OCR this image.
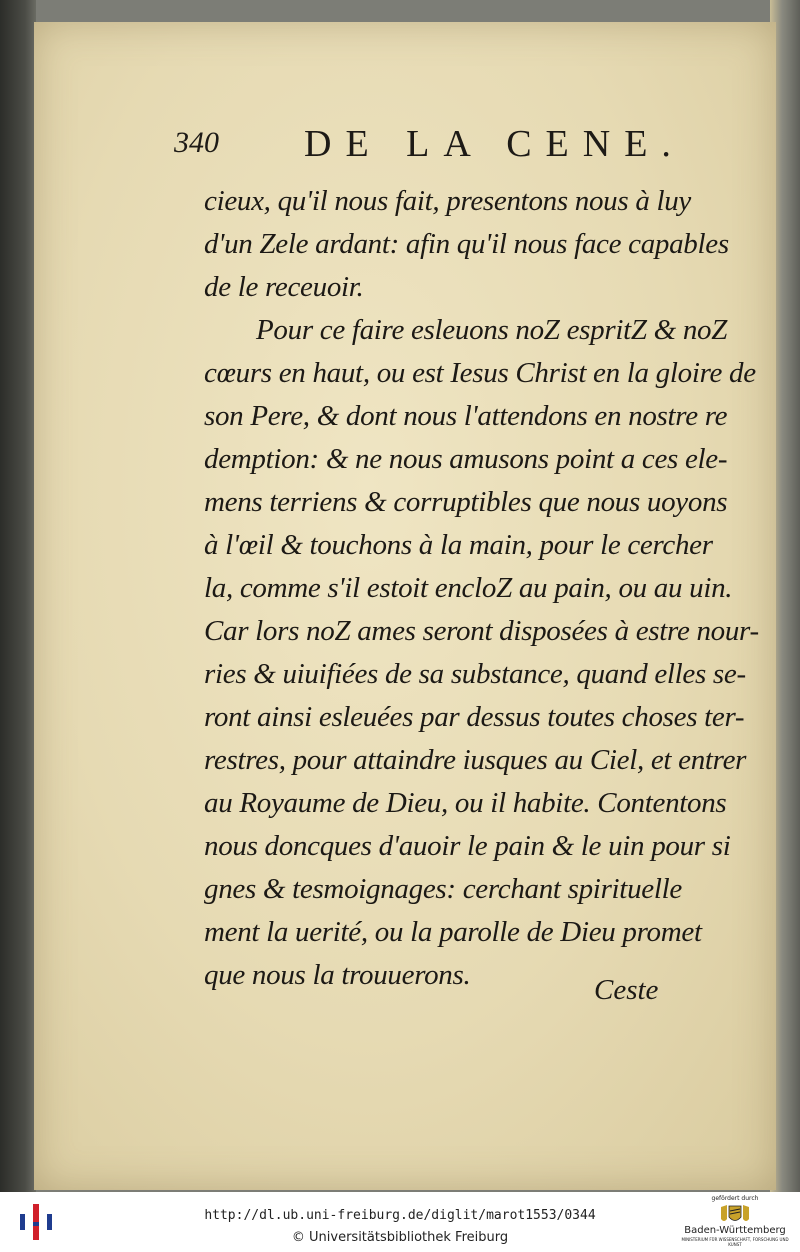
340 DE LA CENE.
cieux, qu'il nous fait, presentons nous à luy
d'un Zele ardant: afin qu'il nous face capables
de le receuoir.
Pour ce faire esleuons noZ espritZ & noZ
cœurs en haut, ou est Iesus Christ en la gloire de
son Pere, & dont nous l'attendons en nostre re
demption: & ne nous amusons point a ces ele-
mens terriens & corruptibles que nous uoyons
à l'œil & touchons à la main, pour le cercher
la, comme s'il estoit encloZ au pain, ou au uin.
Car lors noZ ames seront disposées à estre nour-
ries & uiuifiées de sa substance, quand elles se-
ront ainsi esleuées par dessus toutes choses ter-
restres, pour attaindre iusques au Ciel, et entrer
au Royaume de Dieu, ou il habite. Contentons
nous doncques d'auoir le pain & le uin pour si
gnes & tesmoignages: cerchant spirituelle
ment la uerité, ou la parolle de Dieu promet
que nous la trouuerons.	Ceste
http://dl.ub.uni-freiburg.de/diglit/marot1553/0344
© Universitätsbibliothek Freiburg
gefördert durch
Baden-Württemberg
MINISTERIUM FÜR WISSENSCHAFT, FORSCHUNG UND KUNST
